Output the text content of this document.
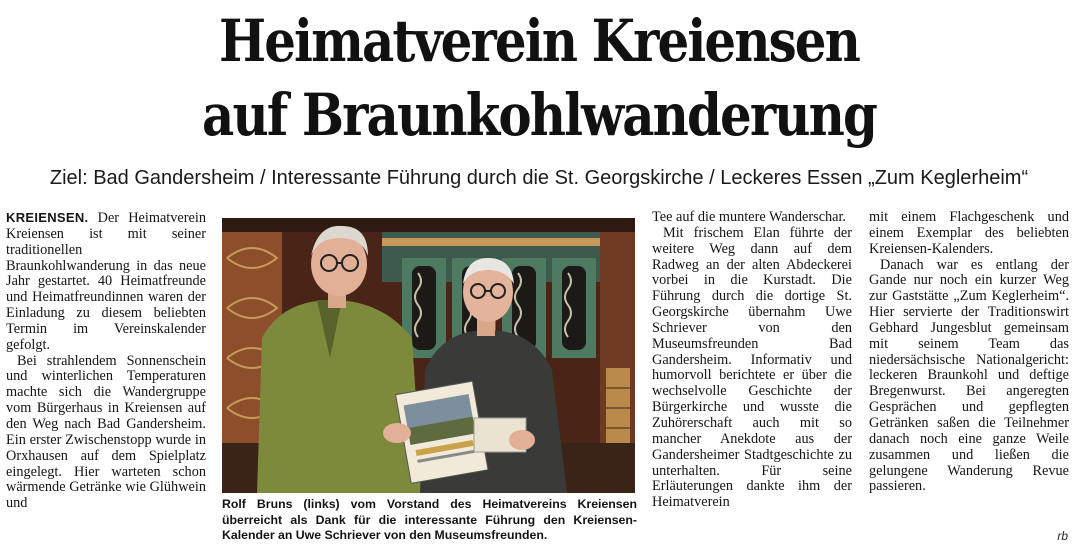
Heimatverein Kreiensen
auf Braunkohlwanderung
Ziel: Bad Gandersheim / Interessante Führung durch die St. Georgskirche / Leckeres Essen „Zum Keglerheim“

KREIENSEN. Der Heimatverein Kreiensen ist mit seiner traditionellen Braunkohlwanderung in das neue Jahr gestartet. 40 Heimatfreunde und Heimatfreundinnen waren der Einladung zu diesem beliebten Termin im Vereinskalender gefolgt.

Bei strahlendem Sonnenschein und winterlichen Temperaturen machte sich die Wandergruppe vom Bürgerhaus in Kreiensen auf den Weg nach Bad Gandersheim. Ein erster Zwischenstopp wurde in Orxhausen auf dem Spielplatz eingelegt. Hier warteten schon wärmende Getränke wie Glühwein und	Rolf Bruns (links) vom Vorstand des Heimatvereins Kreiensen überreicht als Dank für die interessante Führung den Kreiensen-Kalender an Uwe Schriever von den Museumsfreunden.

Tee auf die muntere Wanderschar.

Mit frischem Elan führte der weitere Weg dann auf dem Radweg an der alten Abdeckerei vorbei in die Kurstadt. Die Führung durch die dortige St. Georgskirche übernahm Uwe Schriever von den Museumsfreunden Bad Gandersheim. Informativ und humorvoll berichtete er über die wechselvolle Geschichte der Bürgerkirche und wusste die Zuhörerschaft auch mit so mancher Anekdote aus der Gandersheimer Stadtgeschichte zu unterhalten. Für seine Erläuterungen dankte ihm der Heimatverein

mit einem Flachgeschenk und einem Exemplar des beliebten Kreiensen-Kalenders.

Danach war es entlang der Gande nur noch ein kurzer Weg zur Gaststätte „Zum Keglerheim“. Hier servierte der Traditionswirt Gebhard Jungesblut gemeinsam mit seinem Team das niedersächsische Nationalgericht: leckeren Braunkohl und deftige Bregenwurst. Bei angeregten Gesprächen und gepflegten Getränken saßen die Teilnehmer danach noch eine ganze Weile zusammen und ließen die gelungene Wanderung Revue passieren.

rb
